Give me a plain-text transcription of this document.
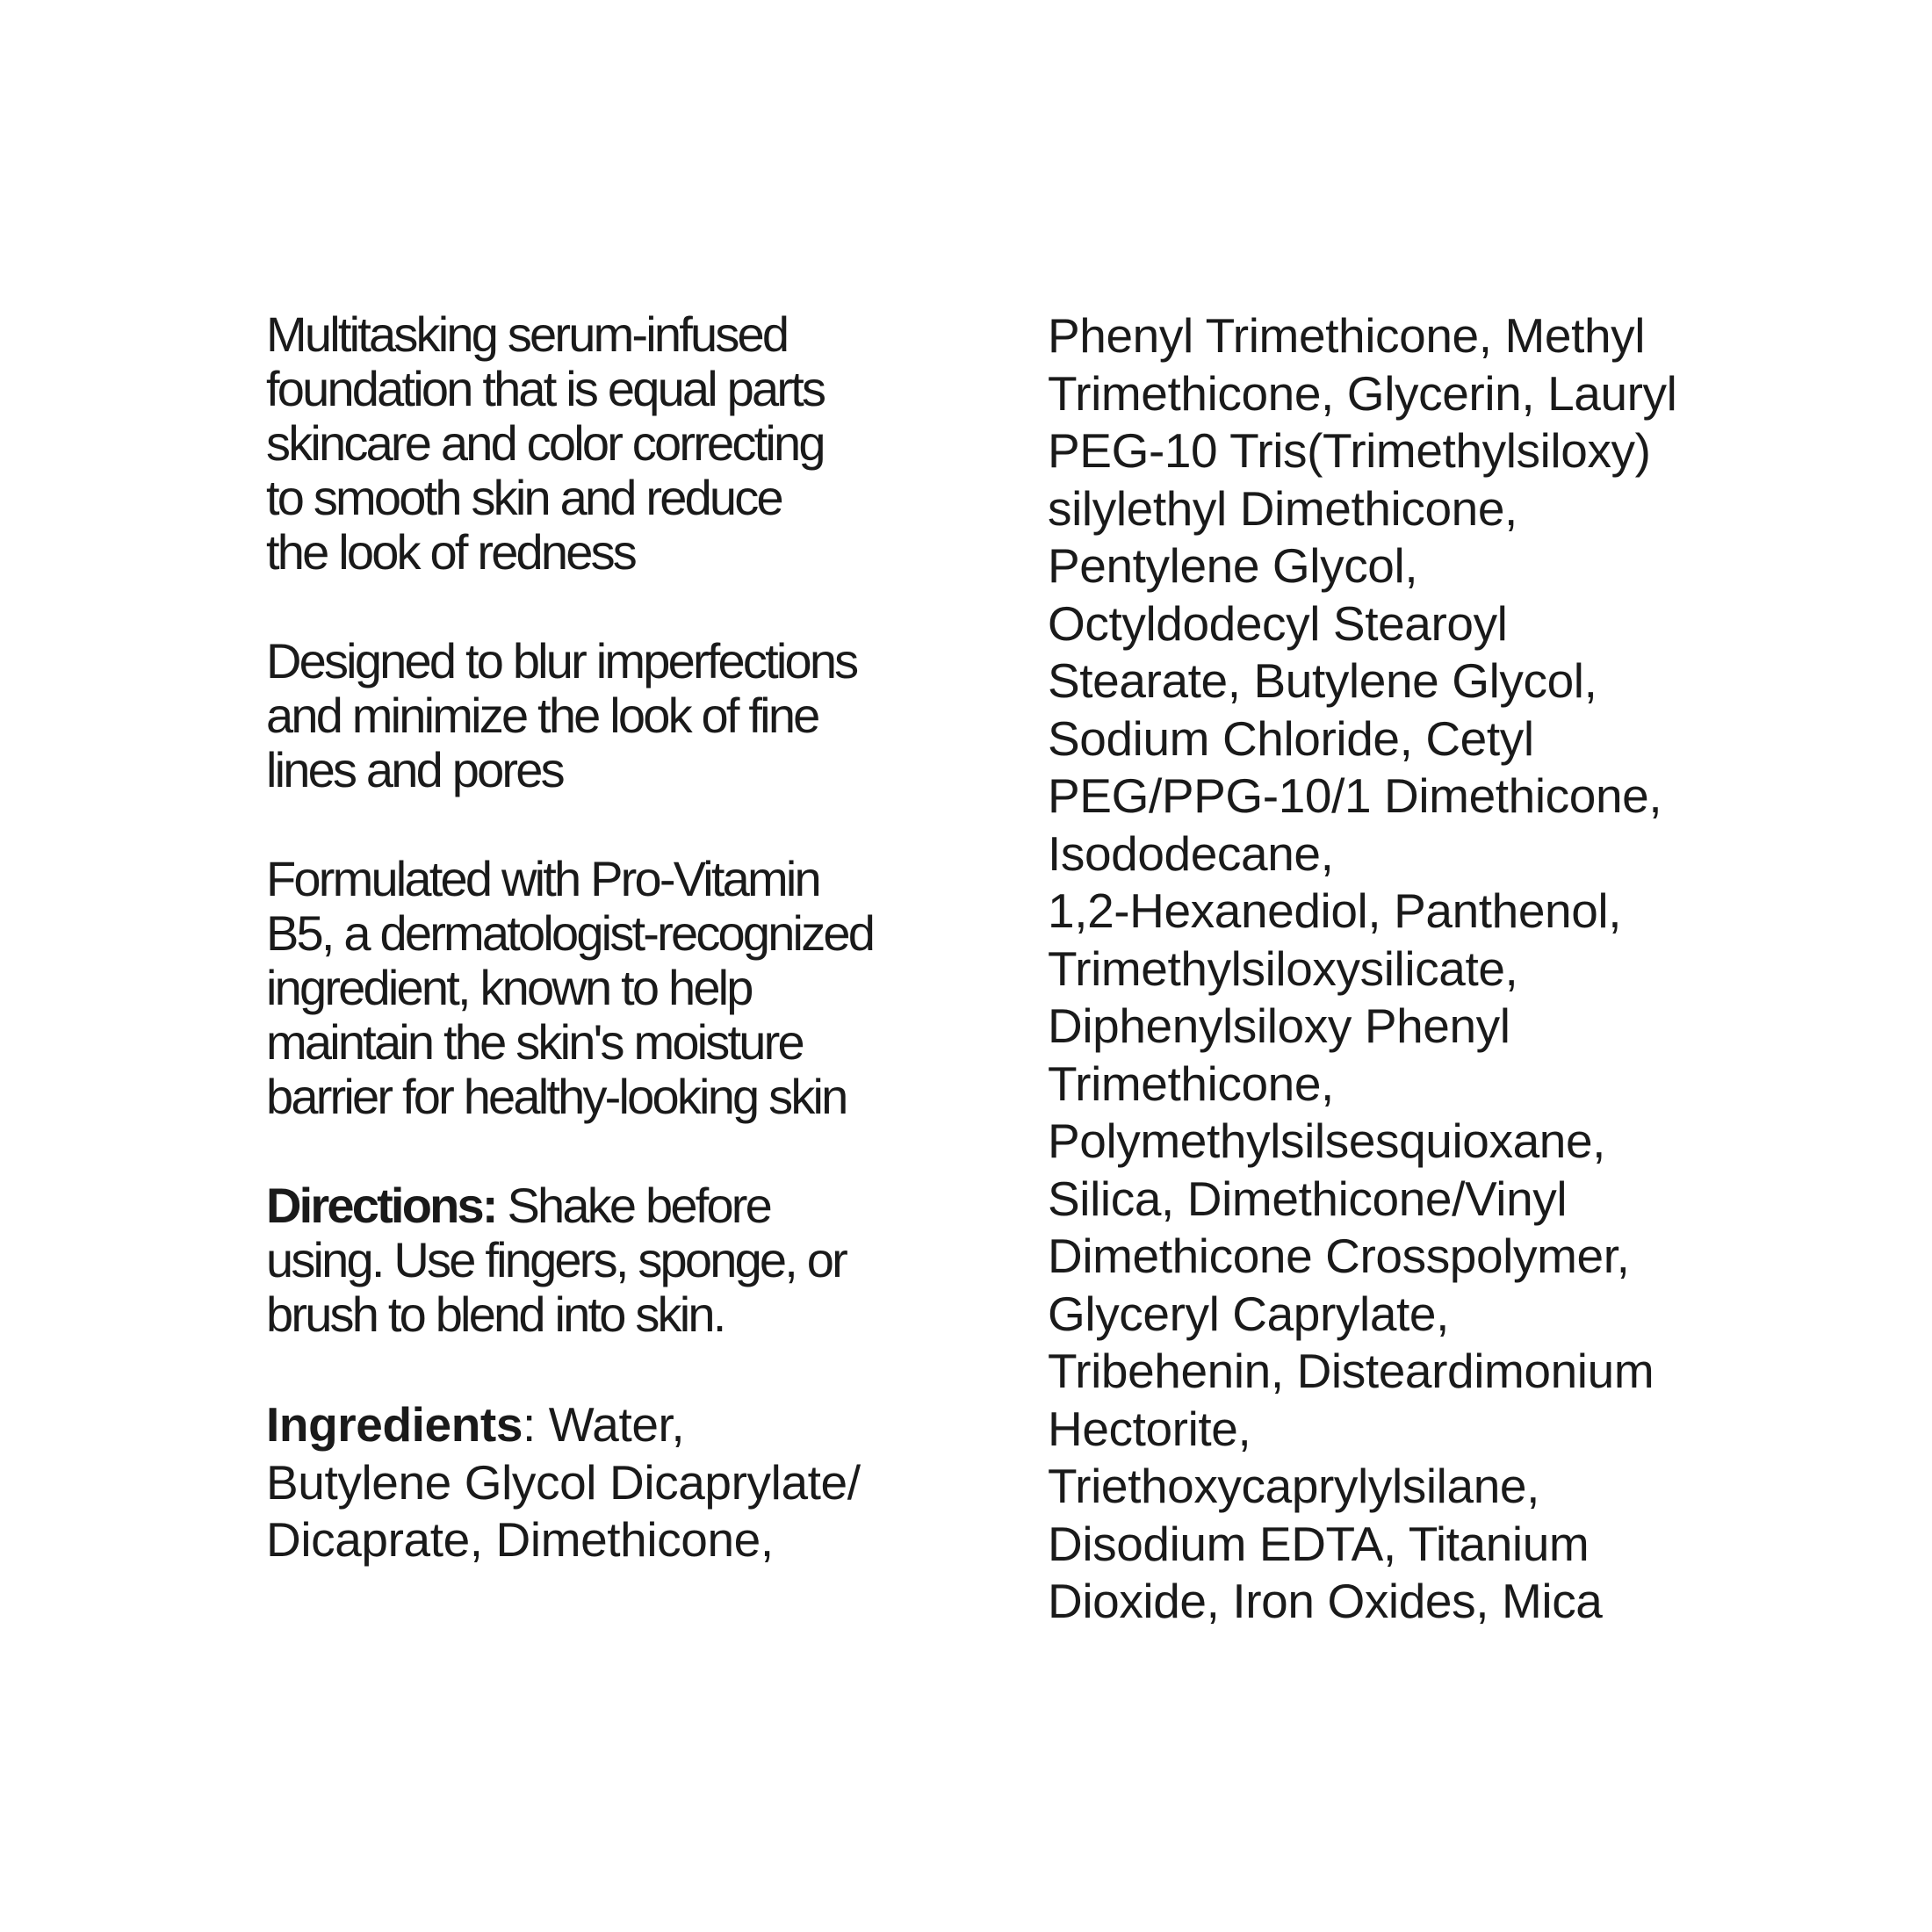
Multitasking serum-infused
foundation that is equal parts
skincare and color correcting
to smooth skin and reduce
the look of redness

Designed to blur imperfections
and minimize the look of fine
lines and pores

Formulated with Pro-Vitamin
B5, a dermatologist-recognized
ingredient, known to help
maintain the skin's moisture
barrier for healthy-looking skin

Directions: Shake before
using. Use fingers, sponge, or
brush to blend into skin.

Ingredients: Water,
Butylene Glycol Dicaprylate/
Dicaprate, Dimethicone,

Phenyl Trimethicone, Methyl
Trimethicone, Glycerin, Lauryl
PEG-10 Tris(Trimethylsiloxy)
silylethyl Dimethicone,
Pentylene Glycol,
Octyldodecyl Stearoyl
Stearate, Butylene Glycol,
Sodium Chloride, Cetyl
PEG/PPG-10/1 Dimethicone,
Isododecane,
1,2-Hexanediol, Panthenol,
Trimethylsiloxysilicate,
Diphenylsiloxy Phenyl
Trimethicone,
Polymethylsilsesquioxane,
Silica, Dimethicone/Vinyl
Dimethicone Crosspolymer,
Glyceryl Caprylate,
Tribehenin, Disteardimonium
Hectorite,
Triethoxycaprylylsilane,
Disodium EDTA, Titanium
Dioxide, Iron Oxides, Mica
